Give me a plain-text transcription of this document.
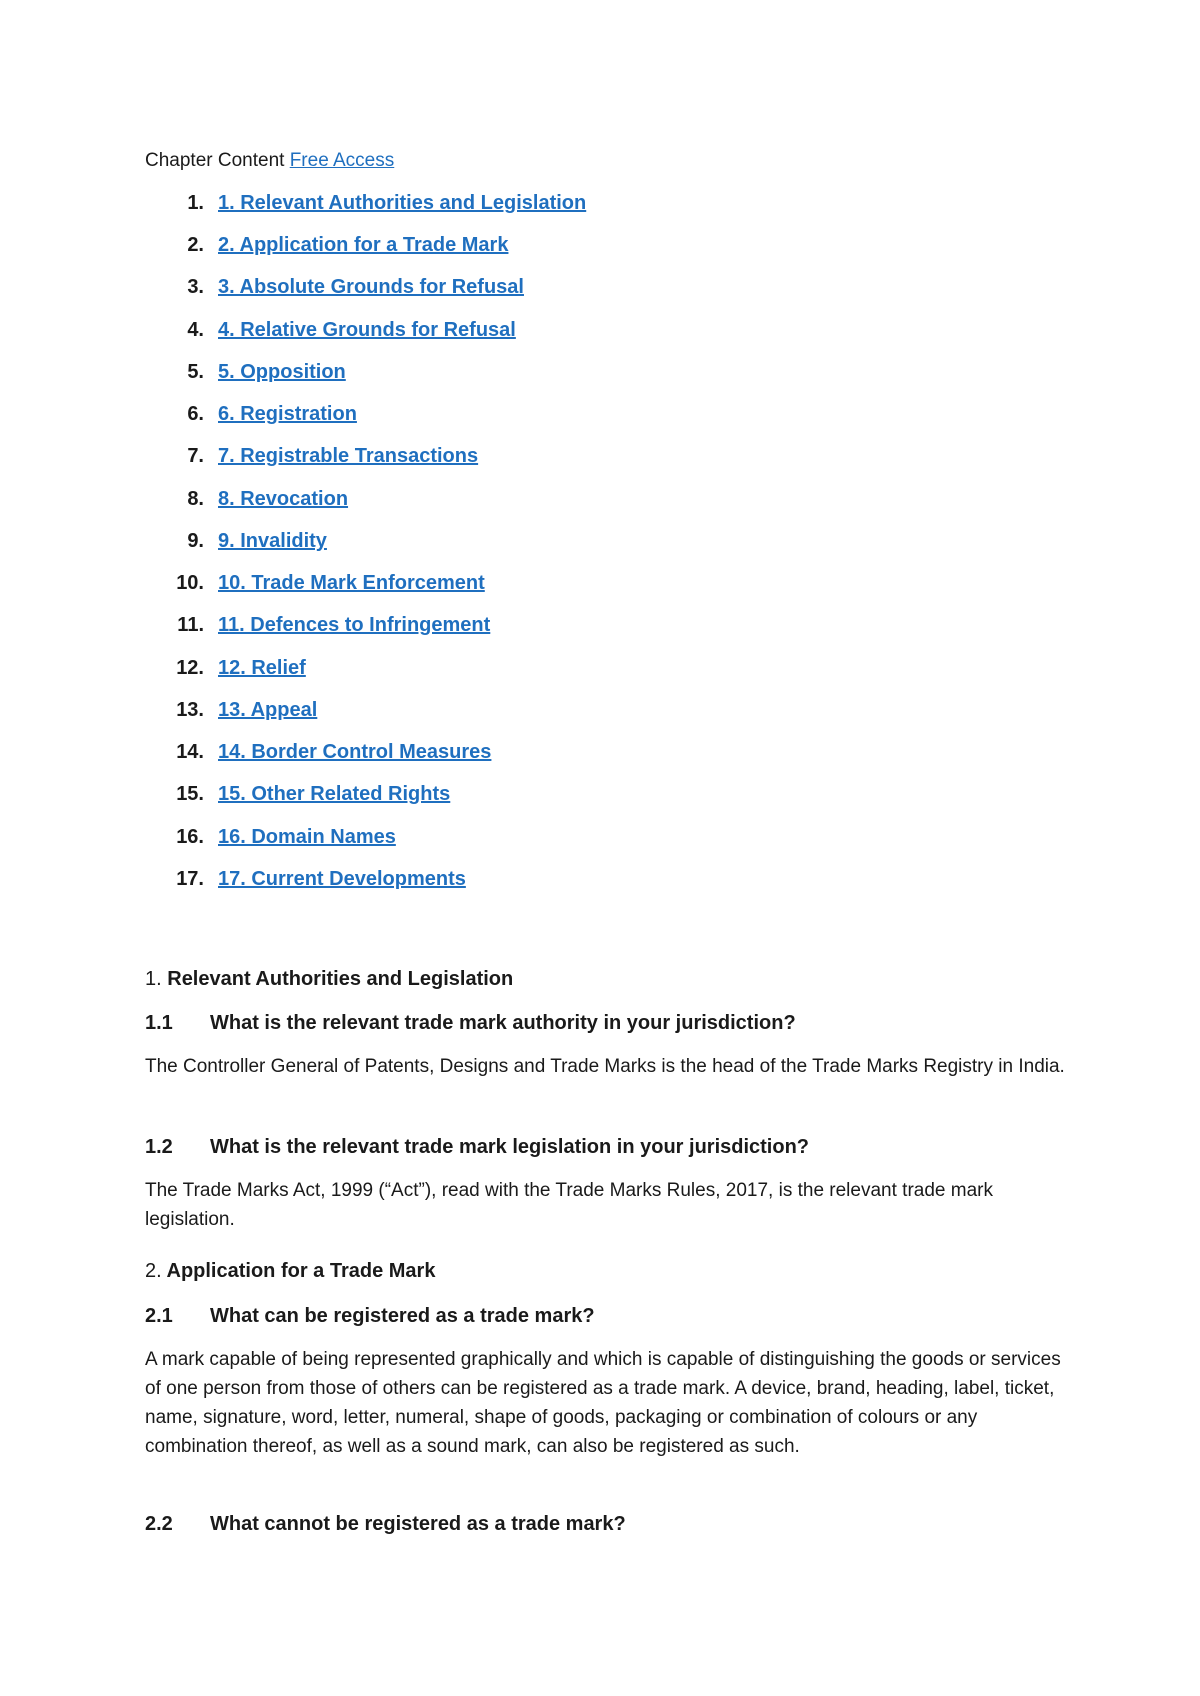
Chapter Content Free Access

1. 1. Relevant Authorities and Legislation
2. 2. Application for a Trade Mark
3. 3. Absolute Grounds for Refusal
4. 4. Relative Grounds for Refusal
5. 5. Opposition
6. 6. Registration
7. 7. Registrable Transactions
8. 8. Revocation
9. 9. Invalidity
10. 10. Trade Mark Enforcement
11. 11. Defences to Infringement
12. 12. Relief
13. 13. Appeal
14. 14. Border Control Measures
15. 15. Other Related Rights
16. 16. Domain Names
17. 17. Current Developments

1. Relevant Authorities and Legislation

1.1 What is the relevant trade mark authority in your jurisdiction?

The Controller General of Patents, Designs and Trade Marks is the head of the Trade Marks Registry in India.

1.2 What is the relevant trade mark legislation in your jurisdiction?

The Trade Marks Act, 1999 (“Act”), read with the Trade Marks Rules, 2017, is the relevant trade mark legislation.

2. Application for a Trade Mark

2.1 What can be registered as a trade mark?

A mark capable of being represented graphically and which is capable of distinguishing the goods or services of one person from those of others can be registered as a trade mark. A device, brand, heading, label, ticket, name, signature, word, letter, numeral, shape of goods, packaging or combination of colours or any combination thereof, as well as a sound mark, can also be registered as such.

2.2 What cannot be registered as a trade mark?
